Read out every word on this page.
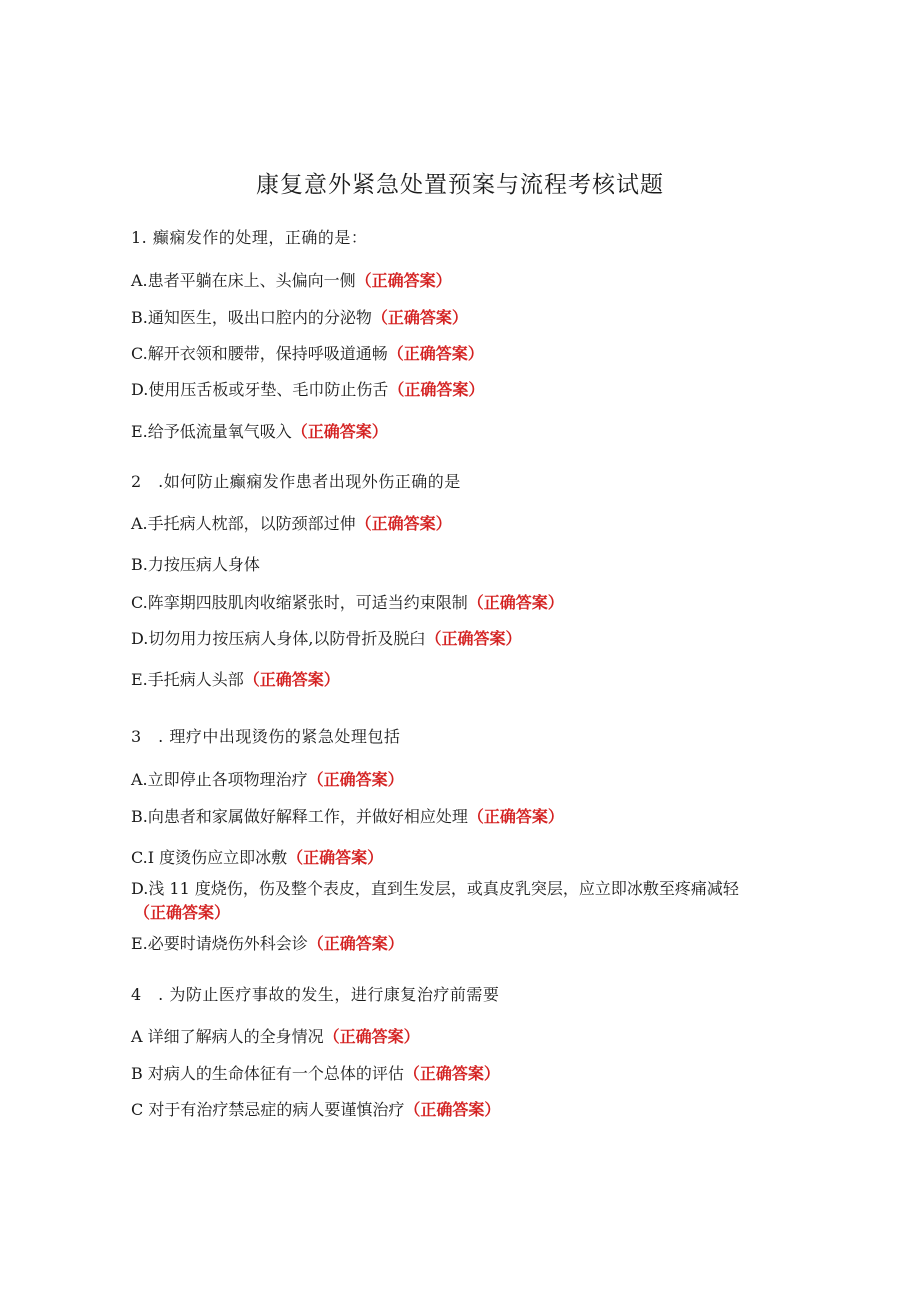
康复意外紧急处置预案与流程考核试题
1. 癫痫发作的处理，正确的是：
A.患者平躺在床上、头偏向一侧（正确答案）
B.通知医生，吸出口腔内的分泌物（正确答案）
C.解开衣领和腰带，保持呼吸道通畅（正确答案）
D.使用压舌板或牙垫、毛巾防止伤舌（正确答案）
E.给予低流量氧气吸入（正确答案）
2　.如何防止癫痫发作患者出现外伤正确的是
A.手托病人枕部，以防颈部过伸（正确答案）
B.力按压病人身体
C.阵挛期四肢肌肉收缩紧张时，可适当约束限制（正确答案）
D.切勿用力按压病人身体,以防骨折及脱臼（正确答案）
E.手托病人头部（正确答案）
3　. 理疗中出现烫伤的紧急处理包括
A.立即停止各项物理治疗（正确答案）
B.向患者和家属做好解释工作，并做好相应处理（正确答案）
C.I 度烫伤应立即冰敷（正确答案）
D.浅 11 度烧伤，伤及整个表皮，直到生发层，或真皮乳突层，应立即冰敷至疼痛减轻
（正确答案）
E.必要时请烧伤外科会诊（正确答案）
4　. 为防止医疗事故的发生，进行康复治疗前需要
A 详细了解病人的全身情况（正确答案）
B 对病人的生命体征有一个总体的评估（正确答案）
C 对于有治疗禁忌症的病人要谨慎治疗（正确答案）
